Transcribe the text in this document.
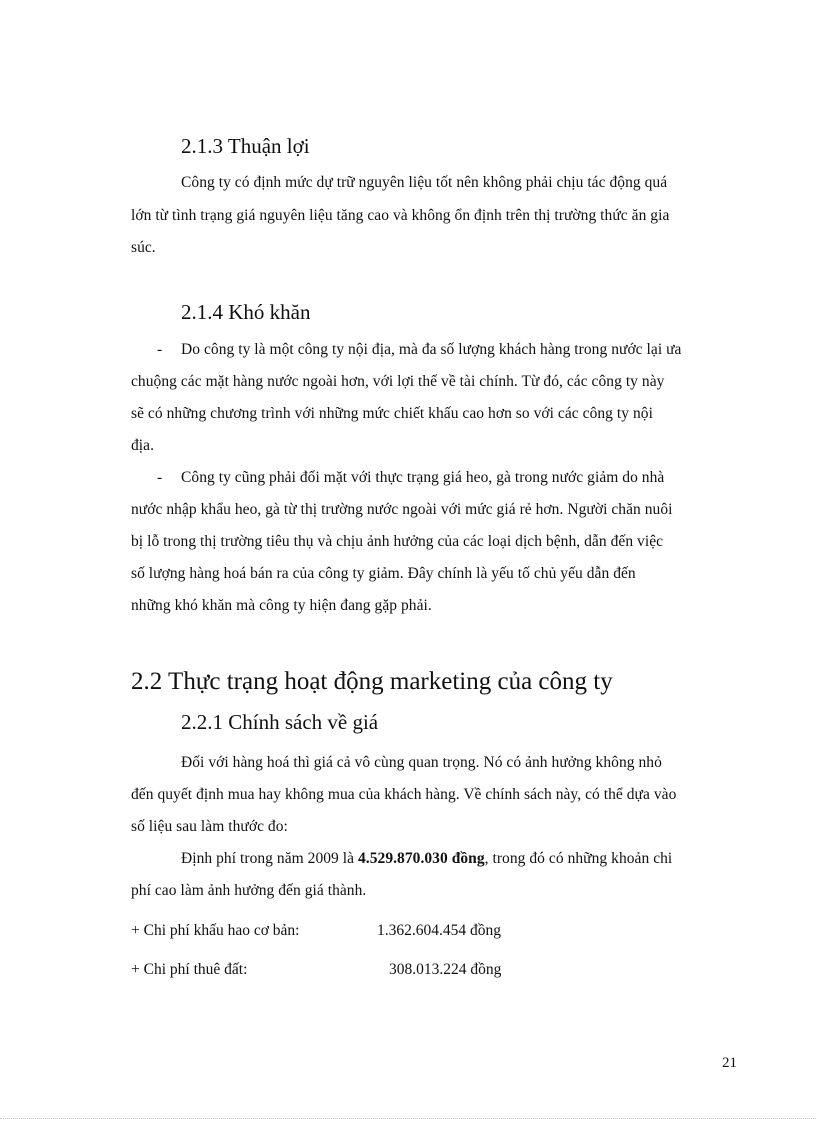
2.1.3 Thuận lợi
Công ty có định mức dự trữ nguyên liệu tốt nên không phải chịu tác động quá
lớn từ tình trạng giá nguyên liệu tăng cao và không ổn định trên thị trường thức ăn gia
súc.
2.1.4 Khó khăn
- Do công ty là một công ty nội địa, mà đa số lượng khách hàng trong nước lại ưa
chuộng các mặt hàng nước ngoài hơn, với lợi thế về tài chính. Từ đó, các công ty này
sẽ có những chương trình với những mức chiết khấu cao hơn so với các công ty nội
địa.
- Công ty cũng phải đối mặt với thực trạng giá heo, gà trong nước giảm do nhà
nước nhập khẩu heo, gà từ thị trường nước ngoài với mức giá rẻ hơn. Người chăn nuôi
bị lỗ trong thị trường tiêu thụ và chịu ảnh hưởng của các loại dịch bệnh, dẫn đến việc
số lượng hàng hoá bán ra của công ty giảm. Đây chính là yếu tố chủ yếu dẫn đến
những khó khăn mà công ty hiện đang gặp phải.
2.2 Thực trạng hoạt động marketing của công ty
2.2.1 Chính sách về giá
Đối với hàng hoá thì giá cả vô cùng quan trọng. Nó có ảnh hưởng không nhỏ
đến quyết định mua hay không mua của khách hàng. Về chính sách này, có thể dựa vào
số liệu sau làm thước đo:
Định phí trong năm 2009 là 4.529.870.030 đồng, trong đó có những khoản chi
phí cao làm ảnh hưởng đến giá thành.
+ Chi phí khấu hao cơ bản:	1.362.604.454 đồng
+ Chi phí thuê đất:	308.013.224 đồng
21
